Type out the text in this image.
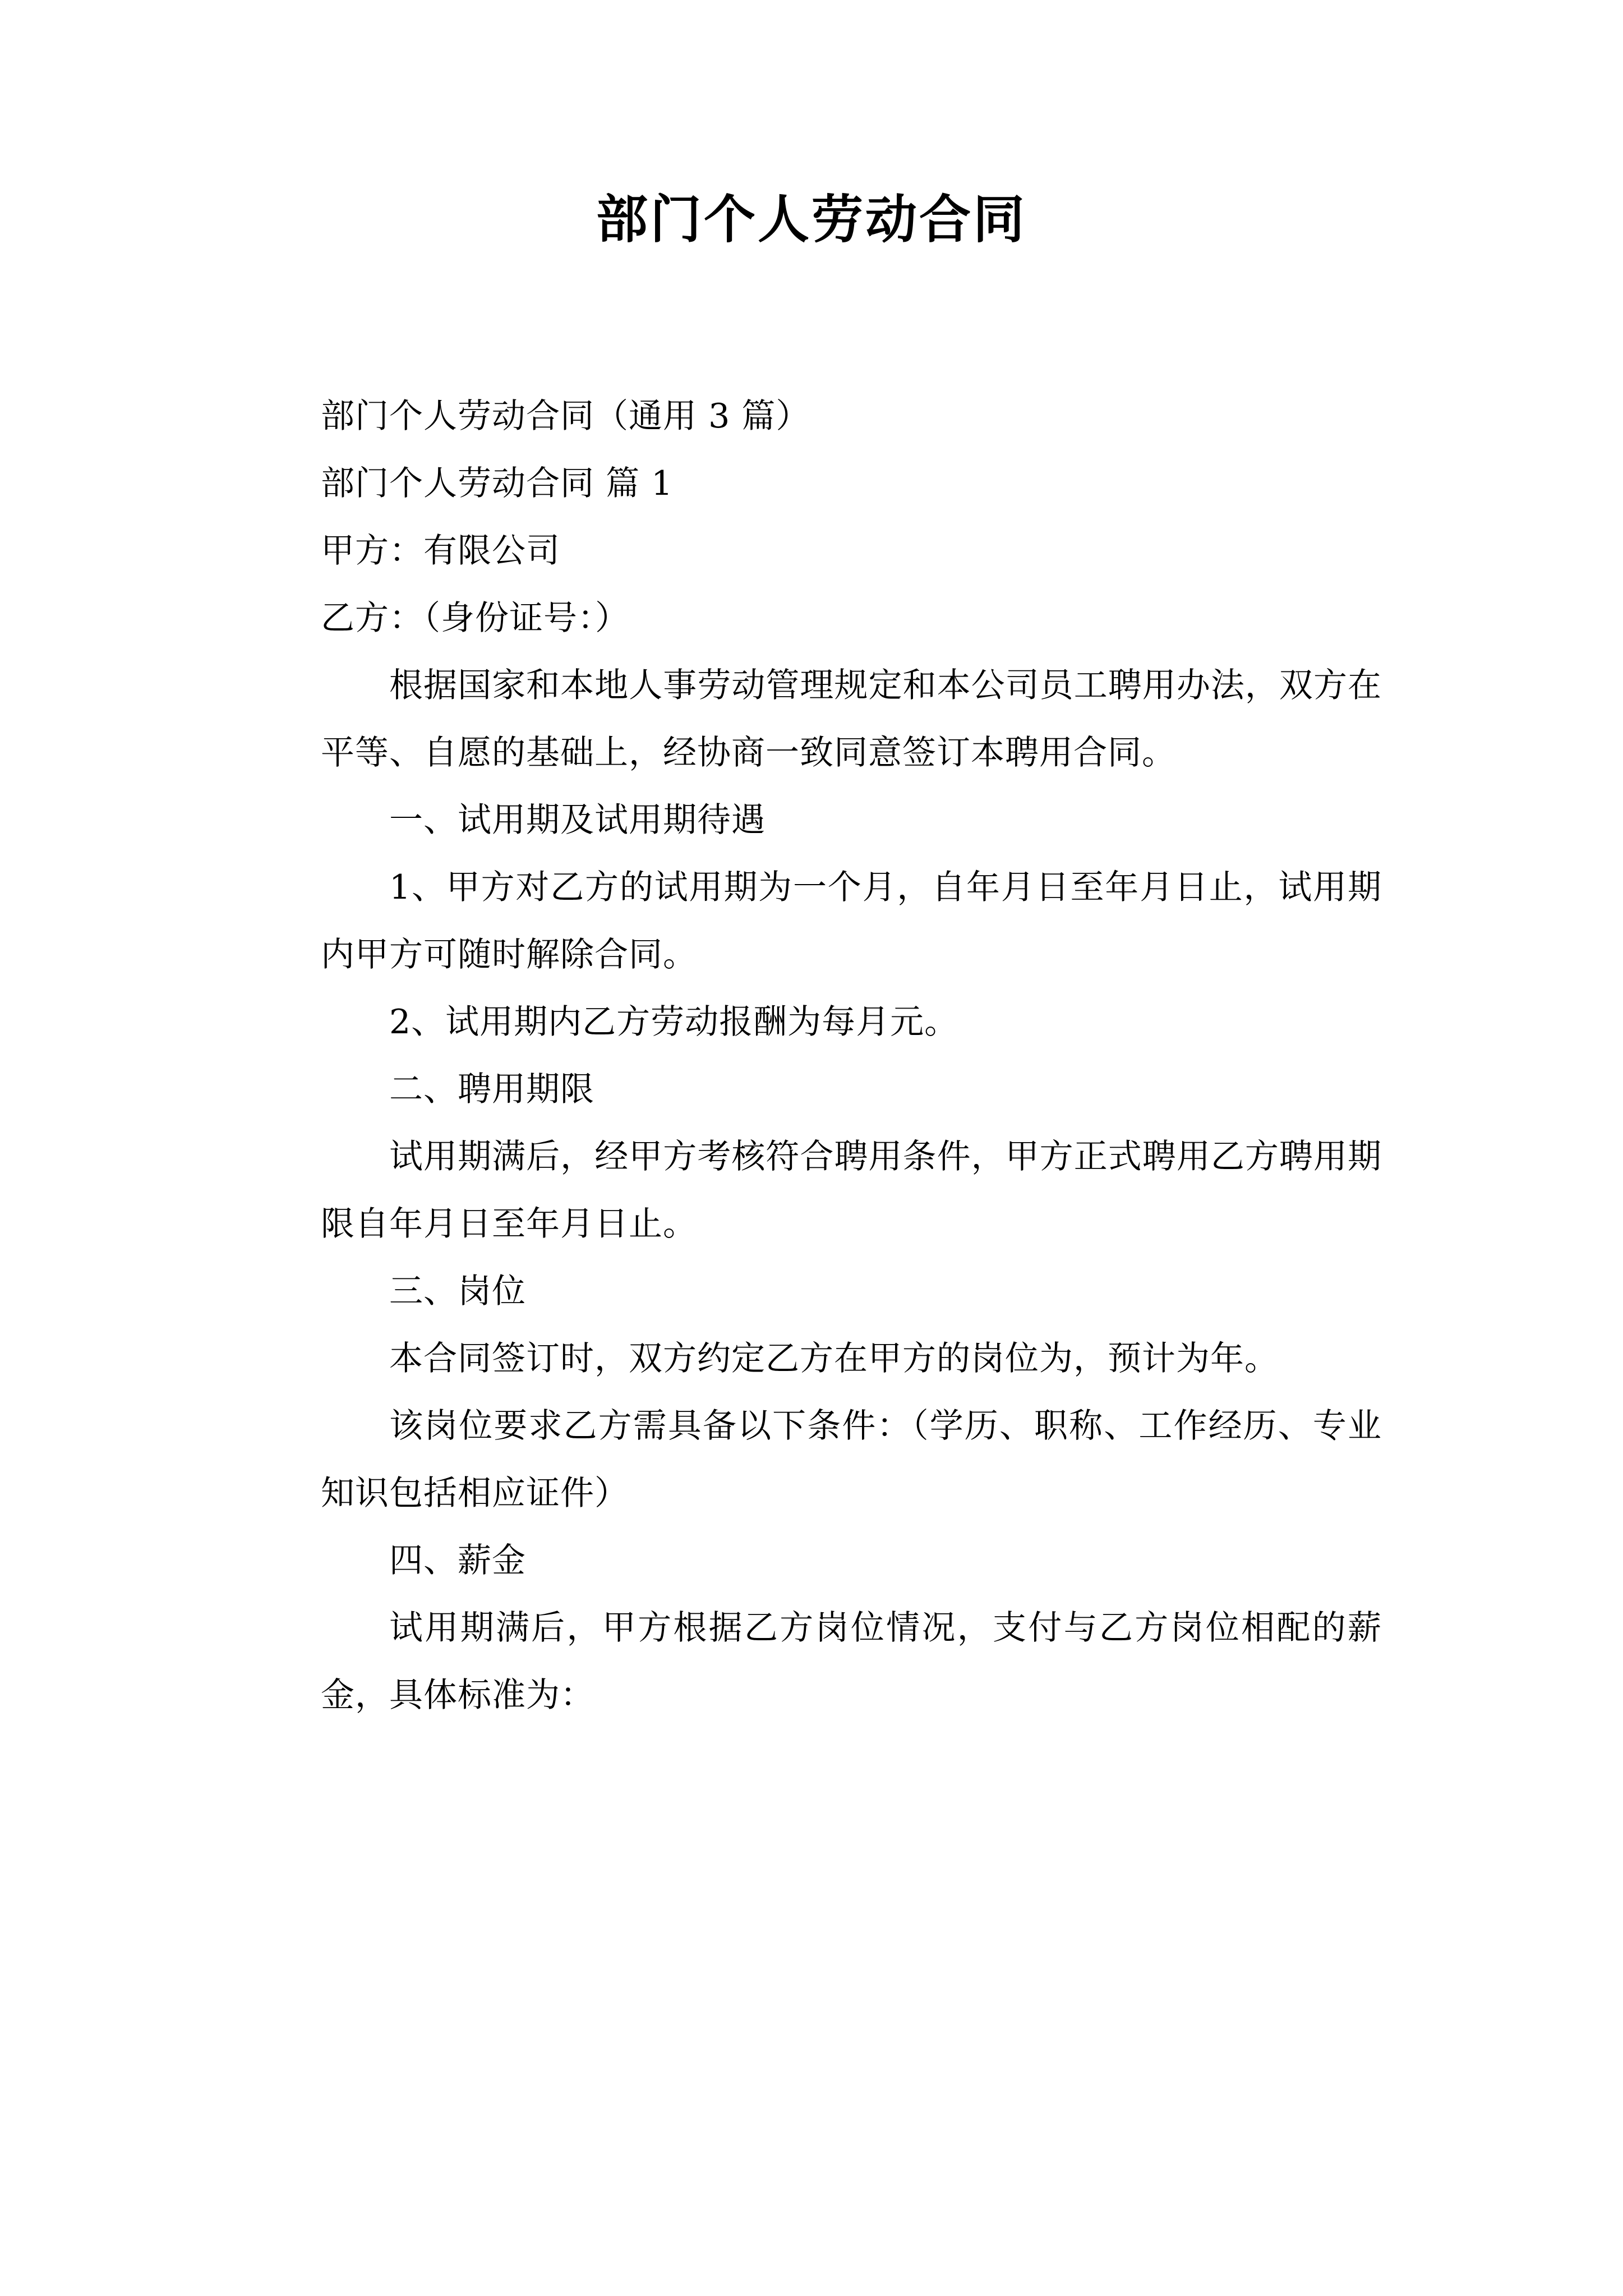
部门个人劳动合同

部门个人劳动合同（通用 3 篇）

部门个人劳动合同 篇 1

甲方：有限公司

乙方：（身份证号：）

根据国家和本地人事劳动管理规定和本公司员工聘用办法，双方在平等、自愿的基础上，经协商一致同意签订本聘用合同。

一、试用期及试用期待遇

1、甲方对乙方的试用期为一个月，自年月日至年月日止，试用期内甲方可随时解除合同。

2、试用期内乙方劳动报酬为每月元。

二、聘用期限

试用期满后，经甲方考核符合聘用条件，甲方正式聘用乙方聘用期限自年月日至年月日止。

三、岗位

本合同签订时，双方约定乙方在甲方的岗位为，预计为年。

该岗位要求乙方需具备以下条件：（学历、职称、工作经历、专业知识包括相应证件）

四、薪金

试用期满后，甲方根据乙方岗位情况，支付与乙方岗位相配的薪金，具体标准为：
